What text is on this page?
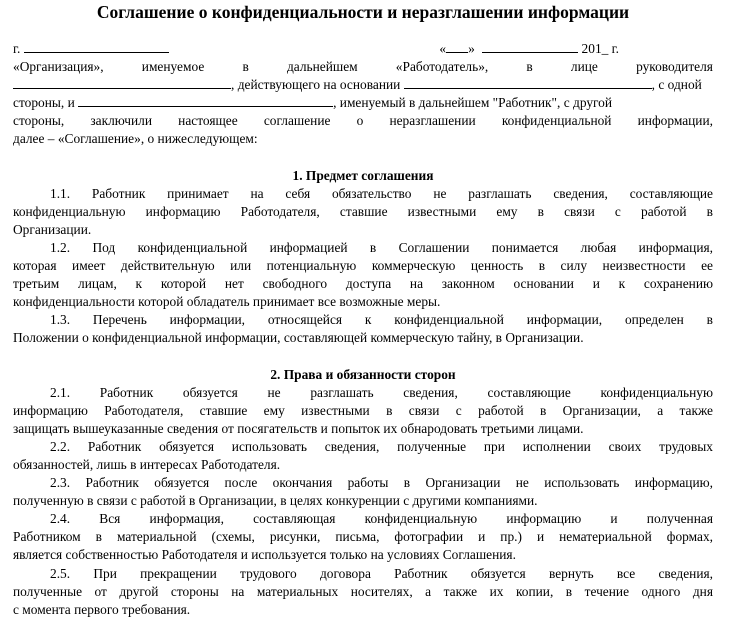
Соглашение о конфиденциальности и неразглашении информации
г.	« »	201_ г.
«Организация»,	именуемое	в	дальнейшем	«Работодатель»,	в	лице	руководителя
, действующего на основании	, с одной
стороны, и	, именуемый в дальнейшем "Работник", с другой
стороны, заключили настоящее соглашение о неразглашении конфиденциальной информации,
далее – «Соглашение», о нижеследующем:
1. Предмет соглашения
1.1. Работник принимает на себя обязательство не разглашать сведения, составляющие
конфиденциальную информацию Работодателя, ставшие известными ему в связи с работой в
Организации.
1.2. Под конфиденциальной информацией в Соглашении понимается любая информация,
которая имеет действительную или потенциальную коммерческую ценность в силу неизвестности ее
третьим лицам, к которой нет свободного доступа на законном основании и к сохранению
конфиденциальности которой обладатель принимает все возможные меры.
1.3. Перечень информации, относящейся к конфиденциальной информации, определен в
Положении о конфиденциальной информации, составляющей коммерческую тайну, в Организации.
2. Права и обязанности сторон
2.1. Работник обязуется не разглашать сведения, составляющие конфиденциальную
информацию Работодателя, ставшие ему известными в связи с работой в Организации, а также
защищать вышеуказанные сведения от посягательств и попыток их обнародовать третьими лицами.
2.2. Работник обязуется использовать сведения, полученные при исполнении своих трудовых
обязанностей, лишь в интересах Работодателя.
2.3. Работник обязуется после окончания работы в Организации не использовать информацию,
полученную в связи с работой в Организации, в целях конкуренции с другими компаниями.
2.4. Вся информация, составляющая конфиденциальную информацию и полученная
Работником в материальной (схемы, рисунки, письма, фотографии и пр.) и нематериальной формах,
является собственностью Работодателя и используется только на условиях Соглашения.
2.5. При прекращении трудового договора Работник обязуется вернуть все сведения,
полученные от другой стороны на материальных носителях, а также их копии, в течение одного дня
с момента первого требования.
